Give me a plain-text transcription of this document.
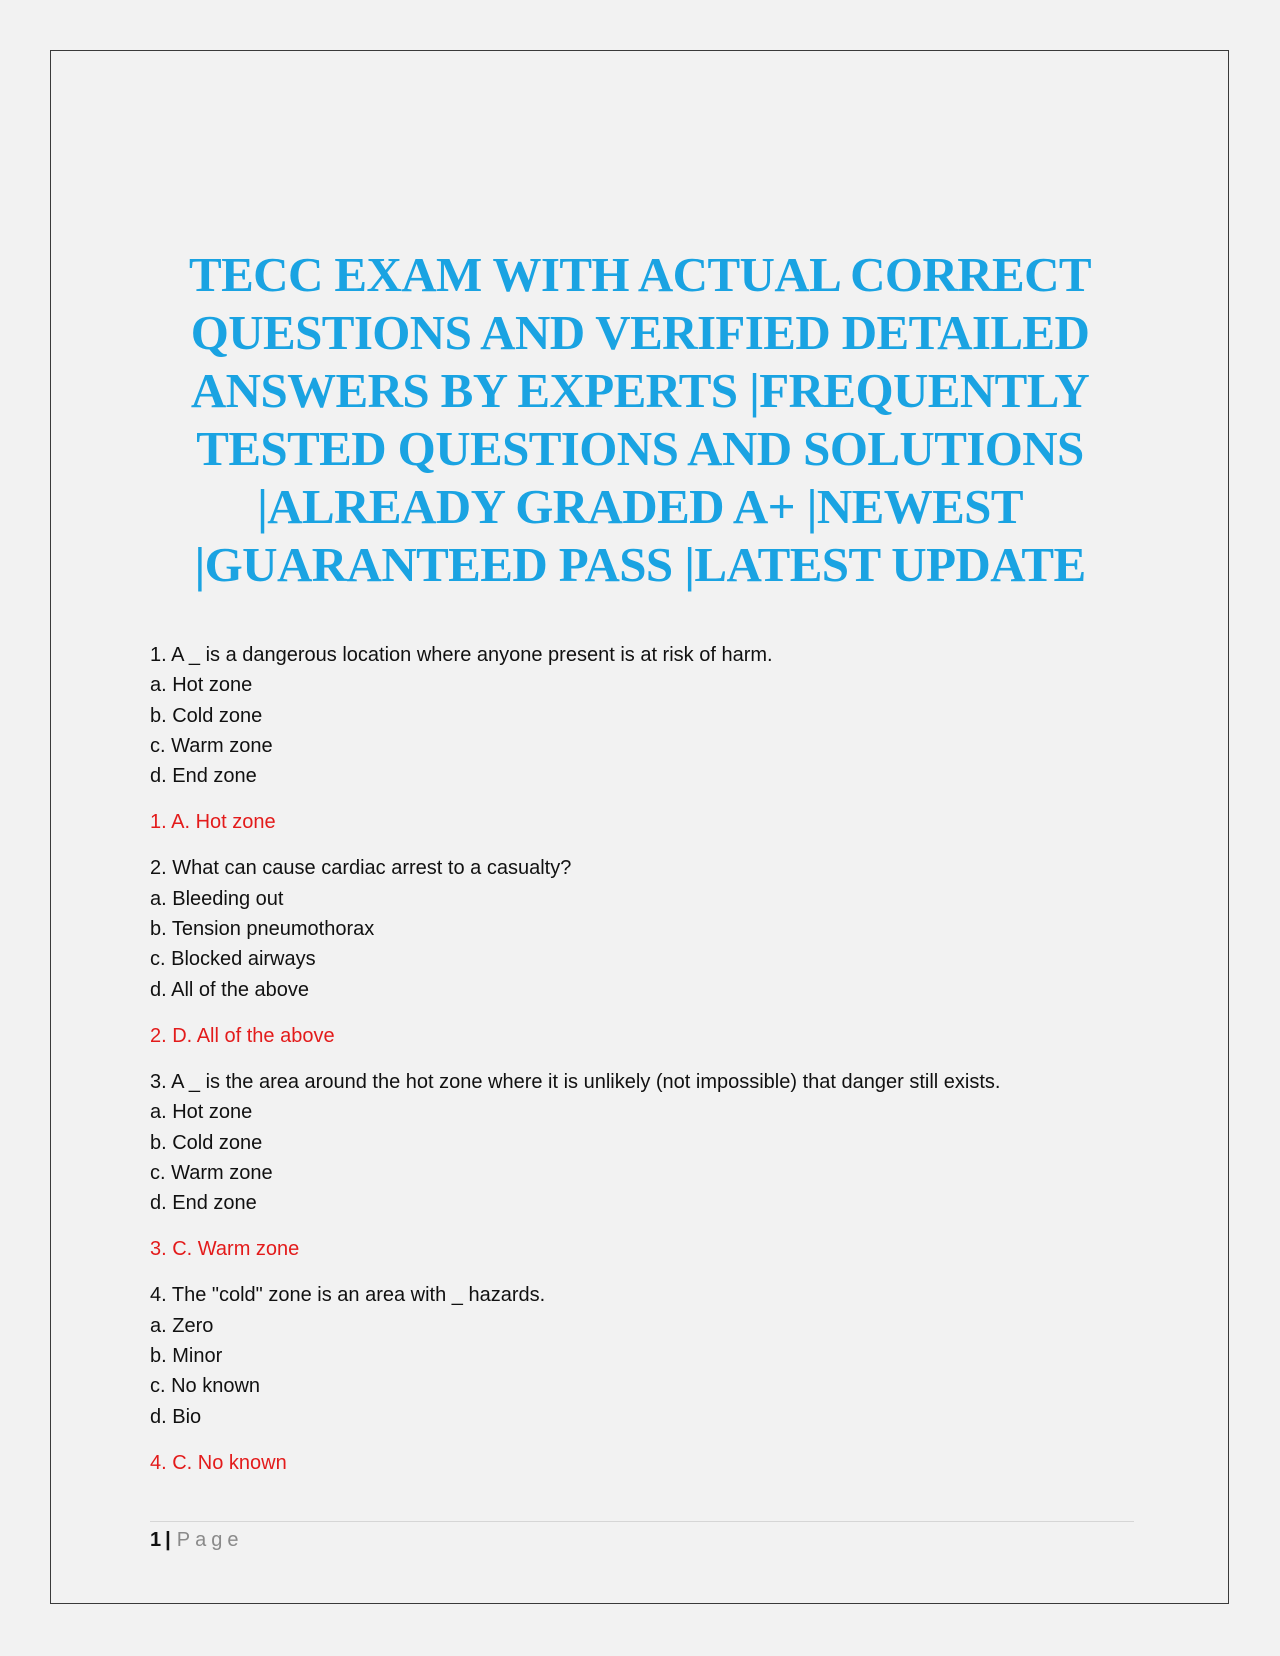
TECC EXAM WITH ACTUAL CORRECT
QUESTIONS AND VERIFIED DETAILED
ANSWERS BY EXPERTS |FREQUENTLY
TESTED QUESTIONS AND SOLUTIONS
|ALREADY GRADED A+ |NEWEST
|GUARANTEED PASS |LATEST UPDATE
1. A _ is a dangerous location where anyone present is at risk of harm.
a. Hot zone
b. Cold zone
c. Warm zone
d. End zone
1. A. Hot zone
2. What can cause cardiac arrest to a casualty?
a. Bleeding out
b. Tension pneumothorax
c. Blocked airways
d. All of the above
2. D. All of the above
3. A _ is the area around the hot zone where it is unlikely (not impossible) that danger still exists.
a. Hot zone
b. Cold zone
c. Warm zone
d. End zone
3. C. Warm zone
4. The "cold" zone is an area with _ hazards.
a. Zero
b. Minor
c. No known
d. Bio
4. C. No known
1 | Page
